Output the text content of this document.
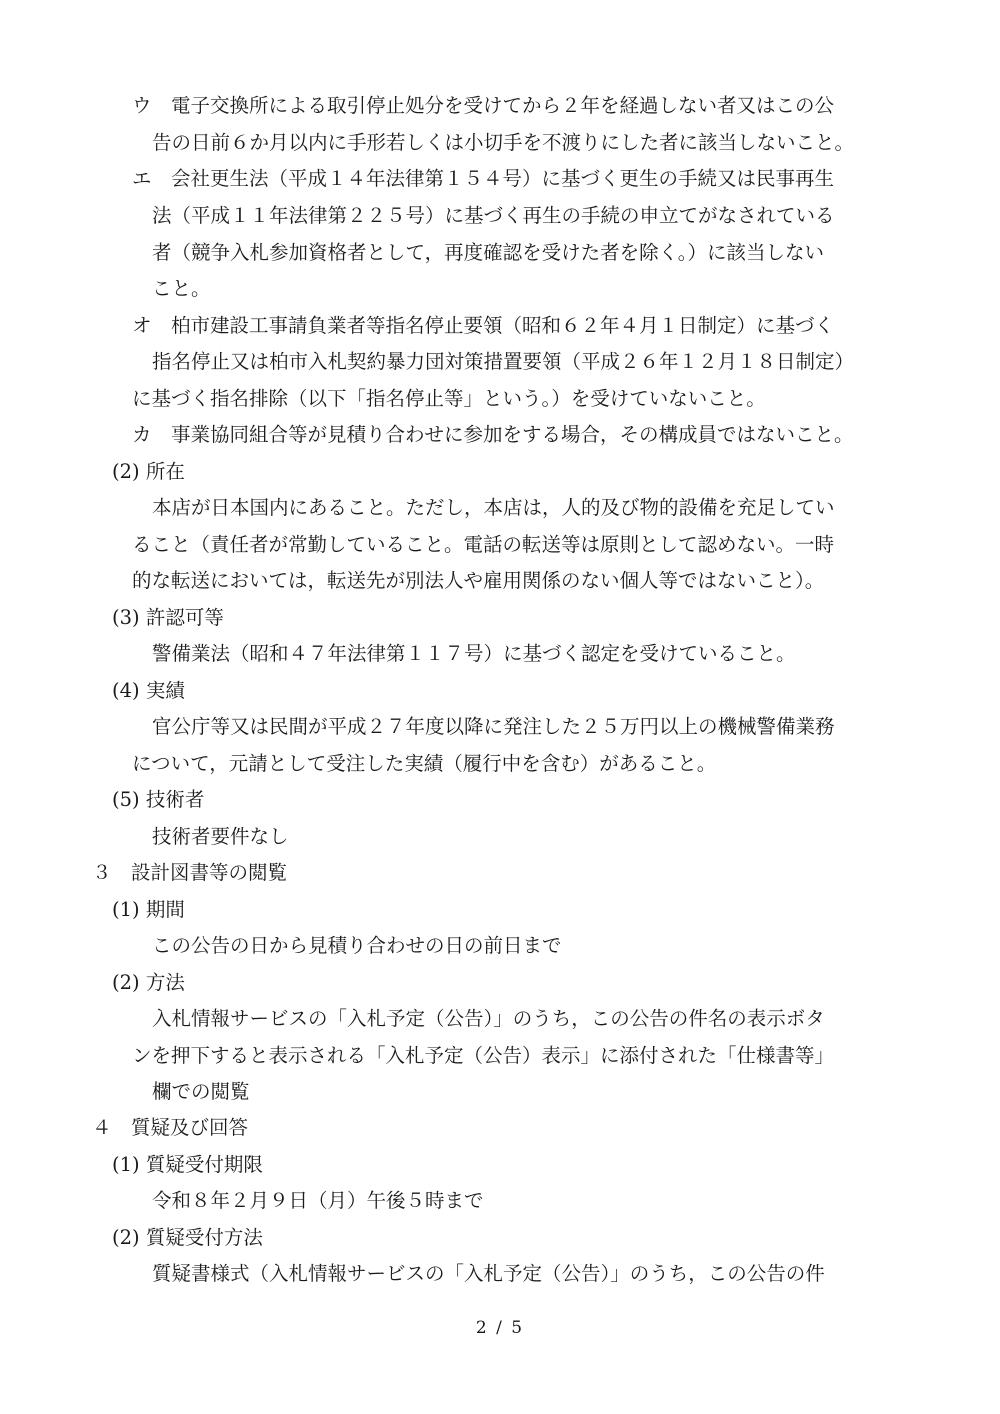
ウ　電子交換所による取引停止処分を受けてから２年を経過しない者又はこの公
告の日前６か月以内に手形若しくは小切手を不渡りにした者に該当しないこと。
エ　会社更生法（平成１４年法律第１５４号）に基づく更生の手続又は民事再生
法（平成１１年法律第２２５号）に基づく再生の手続の申立てがなされている
者（競争入札参加資格者として，再度確認を受けた者を除く。）に該当しない
こと。
オ　柏市建設工事請負業者等指名停止要領（昭和６２年４月１日制定）に基づく
指名停止又は柏市入札契約暴力団対策措置要領（平成２６年１２月１８日制定）
に基づく指名排除（以下「指名停止等」という。）を受けていないこと。
カ　事業協同組合等が見積り合わせに参加をする場合，その構成員ではないこと。
(2) 所在
本店が日本国内にあること。ただし，本店は，人的及び物的設備を充足してい
ること（責任者が常勤していること。電話の転送等は原則として認めない。一時
的な転送においては，転送先が別法人や雇用関係のない個人等ではないこと）。
(3) 許認可等
警備業法（昭和４７年法律第１１７号）に基づく認定を受けていること。
(4) 実績
官公庁等又は民間が平成２７年度以降に発注した２５万円以上の機械警備業務
について，元請として受注した実績（履行中を含む）があること。
(5) 技術者
技術者要件なし
３　設計図書等の閲覧
(1) 期間
この公告の日から見積り合わせの日の前日まで
(2) 方法
入札情報サービスの「入札予定（公告）」のうち，この公告の件名の表示ボタ
ンを押下すると表示される「入札予定（公告）表示」に添付された「仕様書等」
欄での閲覧
４　質疑及び回答
(1) 質疑受付期限
令和８年２月９日（月）午後５時まで
(2) 質疑受付方法
質疑書様式（入札情報サービスの「入札予定（公告）」のうち，この公告の件
2 / 5
